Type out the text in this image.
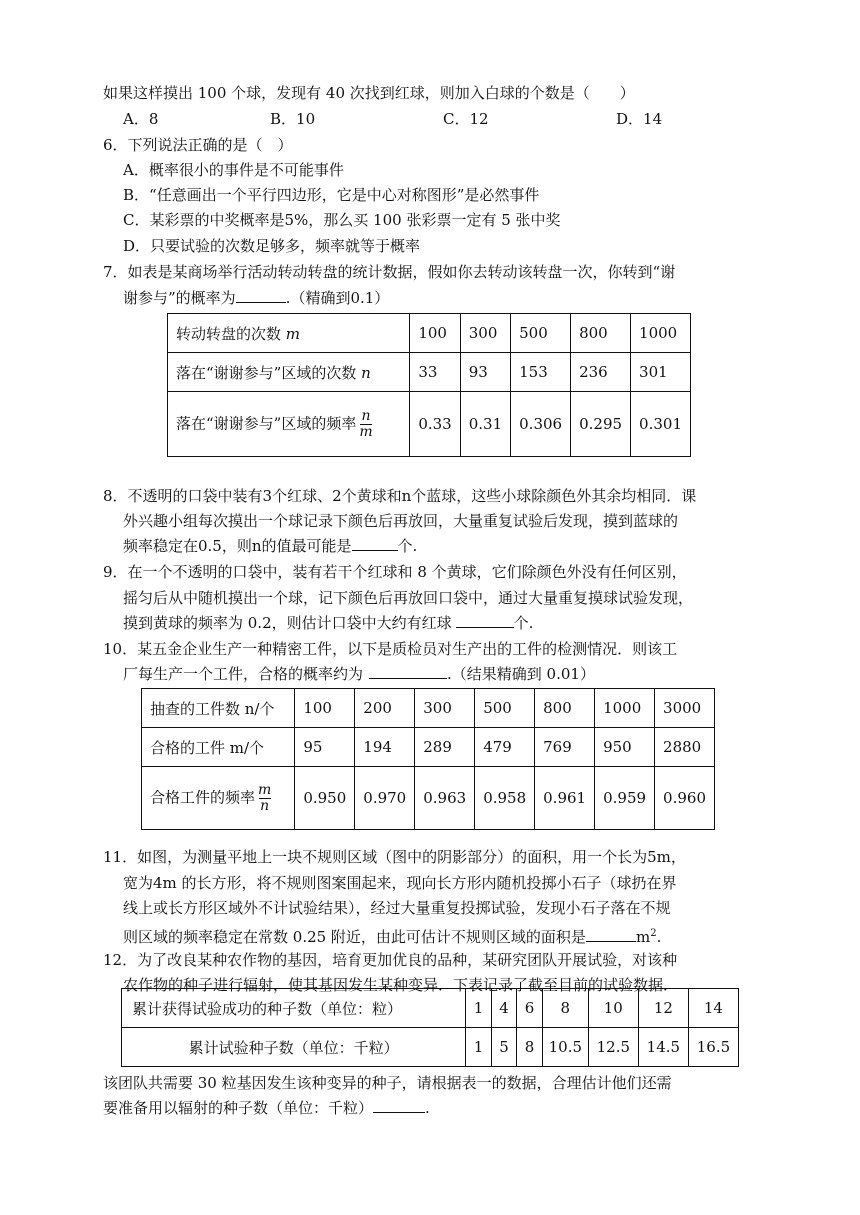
如果这样摸出 100 个球，发现有 40 次找到红球，则加入白球的个数是（　　）
A．8	B．10	C．12	D．14
6．下列说法正确的是（　）
A．概率很小的事件是不可能事件
B．“任意画出一个平行四边形，它是中心对称图形”是必然事件
C．某彩票的中奖概率是5%，那么买 100 张彩票一定有 5 张中奖
D．只要试验的次数足够多，频率就等于概率
7．如表是某商场举行活动转动转盘的统计数据，假如你去转动该转盘一次，你转到“谢
谢参与”的概率为	.（精确到0.1）
转动转盘的次数 m	100	300	500	800	1000
落在“谢谢参与”区域的次数 n	33	93	153	236	301
落在“谢谢参与”区域的频率 $\frac{n}{m}$	0.33	0.31	0.306	0.295	0.301
8．不透明的口袋中装有3个红球、2个黄球和n个蓝球，这些小球除颜色外其余均相同．课
外兴趣小组每次摸出一个球记录下颜色后再放回，大量重复试验后发现，摸到蓝球的
频率稳定在0.5，则n的值最可能是	个.
9．在一个不透明的口袋中，装有若干个红球和 8 个黄球，它们除颜色外没有任何区别，
摇匀后从中随机摸出一个球，记下颜色后再放回口袋中，通过大量重复摸球试验发现，
摸到黄球的频率为 0.2，则估计口袋中大约有红球	个.
10．某五金企业生产一种精密工件，以下是质检员对生产出的工件的检测情况．则该工
厂每生产一个工件，合格的概率约为	.（结果精确到 0.01）
抽查的工件数 n/个	100	200	300	500	800	1000	3000
合格的工件 m/个	95	194	289	479	769	950	2880
合格工件的频率 $\frac{m}{n}$	0.950	0.970	0.963	0.958	0.961	0.959	0.960
11．如图，为测量平地上一块不规则区域（图中的阴影部分）的面积，用一个长为5m，
宽为4m 的长方形，将不规则图案围起来，现向长方形内随机投掷小石子（球扔在界
线上或长方形区域外不计试验结果），经过大量重复投掷试验，发现小石子落在不规
则区域的频率稳定在常数 0.25 附近，由此可估计不规则区域的面积是	$m^2$.
12．为了改良某种农作物的基因，培育更加优良的品种，某研究团队开展试验，对该种
农作物的种子进行辐射，使其基因发生某种变异．下表记录了截至目前的试验数据．
累计获得试验成功的种子数（单位：粒）	1	4	6	8	10	12	14
累计试验种子数（单位：千粒）	1	5	8	10.5	12.5	14.5	16.5
该团队共需要 30 粒基因发生该种变异的种子，请根据表一的数据，合理估计他们还需
要准备用以辐射的种子数（单位：千粒）	.
